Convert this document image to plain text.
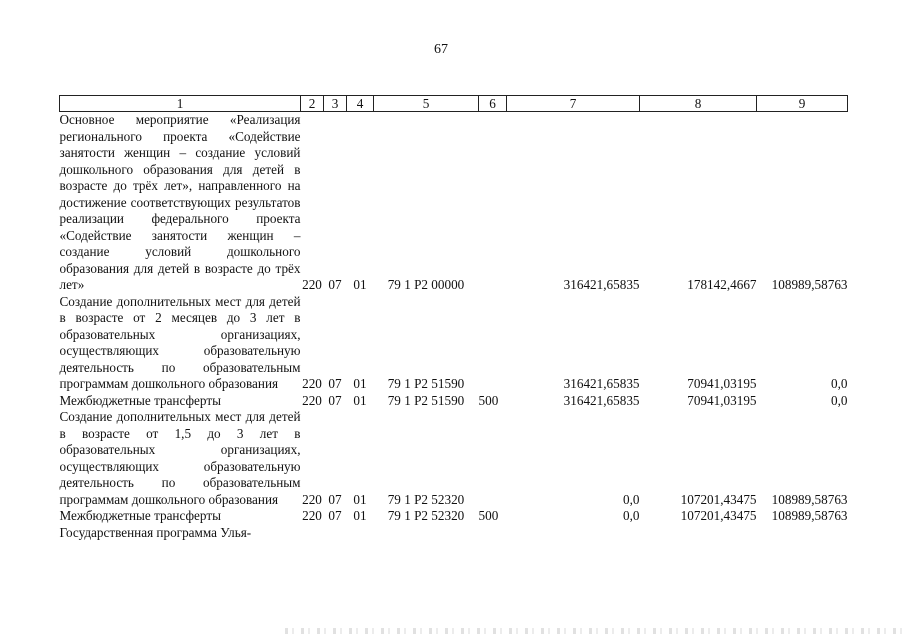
67
1	2	3	4	5	6	7	8	9
Основное мероприятие «Реализация регионального проекта «Содействие занятости женщин – создание условий дошкольного образования для детей в возрасте до трёх лет», направленного на достижение соответствующих результатов реализации федерального проекта «Содействие занятости женщин – создание условий дошкольного образования для детей в возрасте до трёх лет»	220	07	01	79 1 P2 00000		316421,65835	178142,4667	108989,58763
Создание дополнительных мест для детей в возрасте от 2 месяцев до 3 лет в образовательных организациях, осуществляющих образовательную деятельность по образовательным программам дошкольного образования	220	07	01	79 1 P2 51590		316421,65835	70941,03195	0,0
Межбюджетные трансферты	220	07	01	79 1 P2 51590	500	316421,65835	70941,03195	0,0
Создание дополнительных мест для детей в возрасте от 1,5 до 3 лет в образовательных организациях, осуществляющих образовательную деятельность по образовательным программам дошкольного образования	220	07	01	79 1 P2 52320		0,0	107201,43475	108989,58763
Межбюджетные трансферты	220	07	01	79 1 P2 52320	500	0,0	107201,43475	108989,58763
Государственная программа Улья-								
